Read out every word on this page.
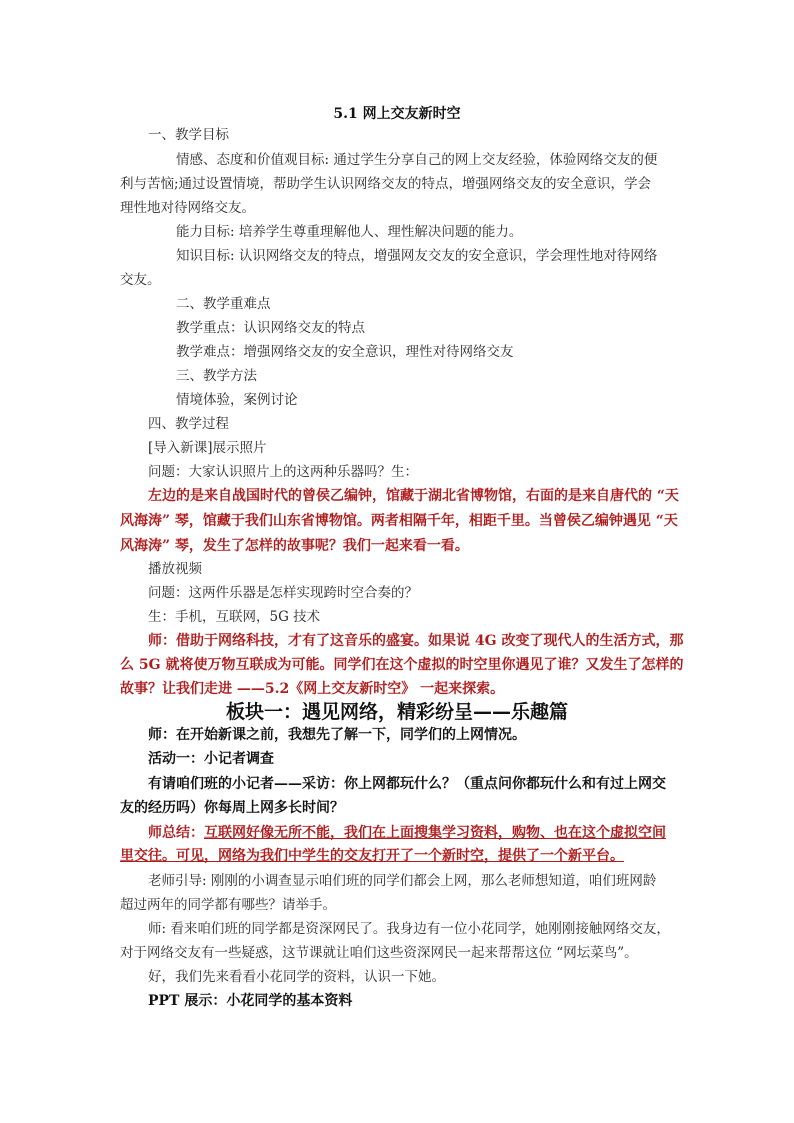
5.1 网上交友新时空
一、教学目标
情感、态度和价值观目标: 通过学生分享自己的网上交友经验，体验网络交友的便
利与苦恼;通过设置情境，帮助学生认识网络交友的特点，增强网络交友的安全意识，学会
理性地对待网络交友。
能力目标: 培养学生尊重理解他人、理性解决问题的能力。
知识目标: 认识网络交友的特点，增强网友交友的安全意识，学会理性地对待网络
交友。
二、教学重难点
教学重点：认识网络交友的特点
教学难点：增强网络交友的安全意识，理性对待网络交友
三、教学方法
情境体验，案例讨论
四、教学过程
[导入新课]展示照片
问题：大家认识照片上的这两种乐器吗？生：
左边的是来自战国时代的曾侯乙编钟，馆藏于湖北省博物馆，右面的是来自唐代的 “天
风海涛” 琴，馆藏于我们山东省博物馆。两者相隔千年，相距千里。当曾侯乙编钟遇见 “天
风海涛” 琴，发生了怎样的故事呢？我们一起来看一看。
播放视频
问题：这两件乐器是怎样实现跨时空合奏的？
生：手机，互联网，5G 技术
师：借助于网络科技，才有了这音乐的盛宴。如果说 4G 改变了现代人的生活方式，那
么 5G 就将使万物互联成为可能。同学们在这个虚拟的时空里你遇见了谁？又发生了怎样的
故事？让我们走进 ——5.2《网上交友新时空》 一起来探索。
板块一：遇见网络，精彩纷呈——乐趣篇
师：在开始新课之前，我想先了解一下，同学们的上网情况。
活动一：小记者调查
有请咱们班的小记者——采访：你上网都玩什么？（重点问你都玩什么和有过上网交
友的经历吗）你每周上网多长时间？
师总结：互联网好像无所不能，我们在上面搜集学习资料，购物、也在这个虚拟空间
里交往。可见，网络为我们中学生的交友打开了一个新时空，提供了一个新平台。
老师引导: 刚刚的小调查显示咱们班的同学们都会上网，那么老师想知道，咱们班网龄
超过两年的同学都有哪些？请举手。
师: 看来咱们班的同学都是资深网民了。我身边有一位小花同学，她刚刚接触网络交友，
对于网络交友有一些疑惑，这节课就让咱们这些资深网民一起来帮帮这位 “网坛菜鸟”。
好，我们先来看看小花同学的资料，认识一下她。
PPT 展示：小花同学的基本资料
